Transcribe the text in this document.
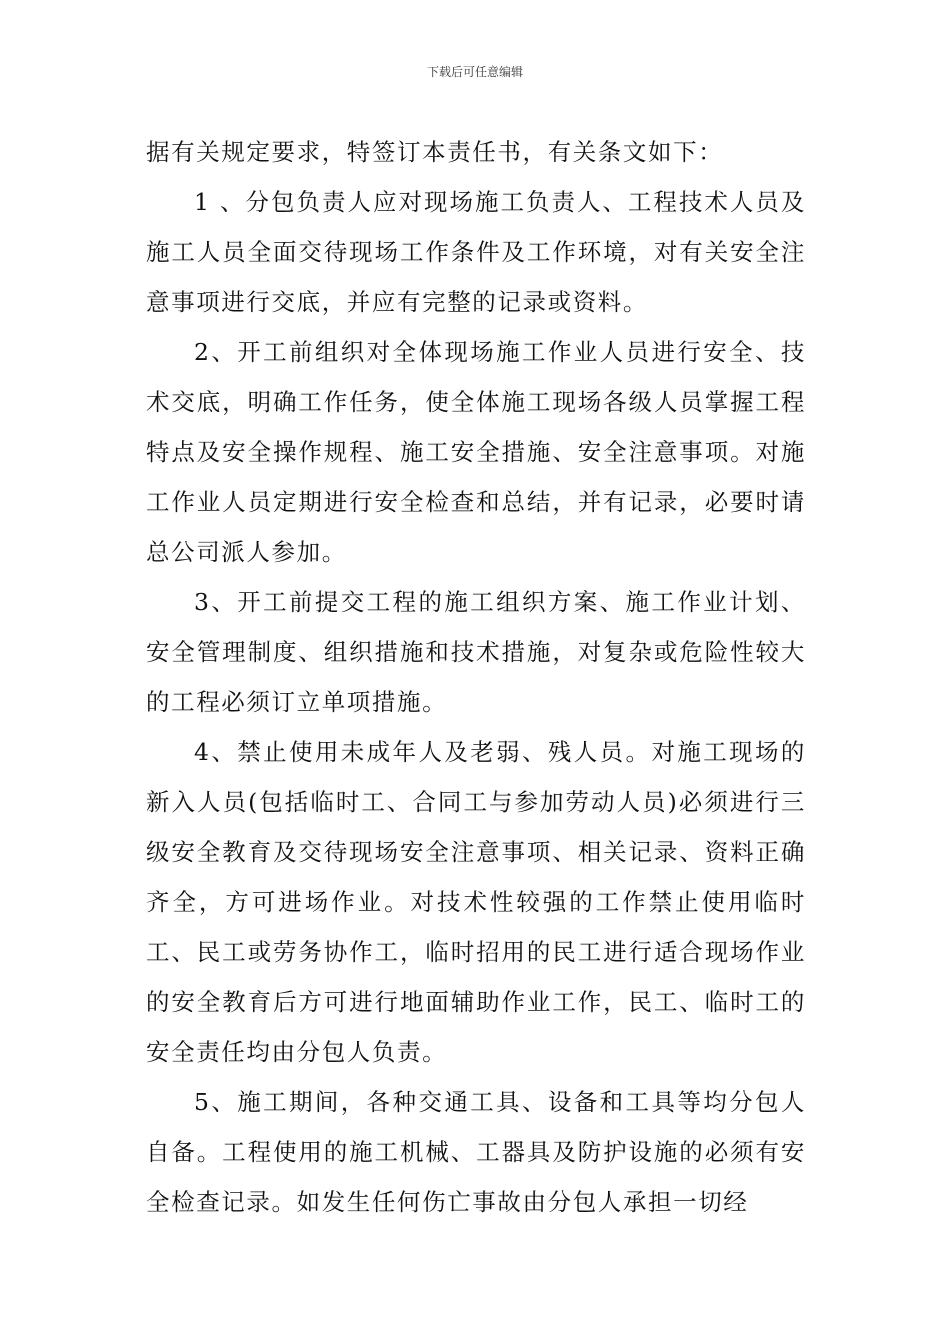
下载后可任意编辑

据有关规定要求，特签订本责任书，有关条文如下：

1 、分包负责人应对现场施工负责人、工程技术人员及施工人员全面交待现场工作条件及工作环境，对有关安全注意事项进行交底，并应有完整的记录或资料。

2、开工前组织对全体现场施工作业人员进行安全、技术交底，明确工作任务，使全体施工现场各级人员掌握工程特点及安全操作规程、施工安全措施、安全注意事项。对施工作业人员定期进行安全检查和总结，并有记录，必要时请总公司派人参加。

3、开工前提交工程的施工组织方案、施工作业计划、安全管理制度、组织措施和技术措施，对复杂或危险性较大的工程必须订立单项措施。

4、禁止使用未成年人及老弱、残人员。对施工现场的新入人员(包括临时工、合同工与参加劳动人员)必须进行三级安全教育及交待现场安全注意事项、相关记录、资料正确齐全，方可进场作业。对技术性较强的工作禁止使用临时工、民工或劳务协作工，临时招用的民工进行适合现场作业的安全教育后方可进行地面辅助作业工作，民工、临时工的安全责任均由分包人负责。

5、施工期间，各种交通工具、设备和工具等均分包人自备。工程使用的施工机械、工器具及防护设施的必须有安全检查记录。如发生任何伤亡事故由分包人承担一切经
